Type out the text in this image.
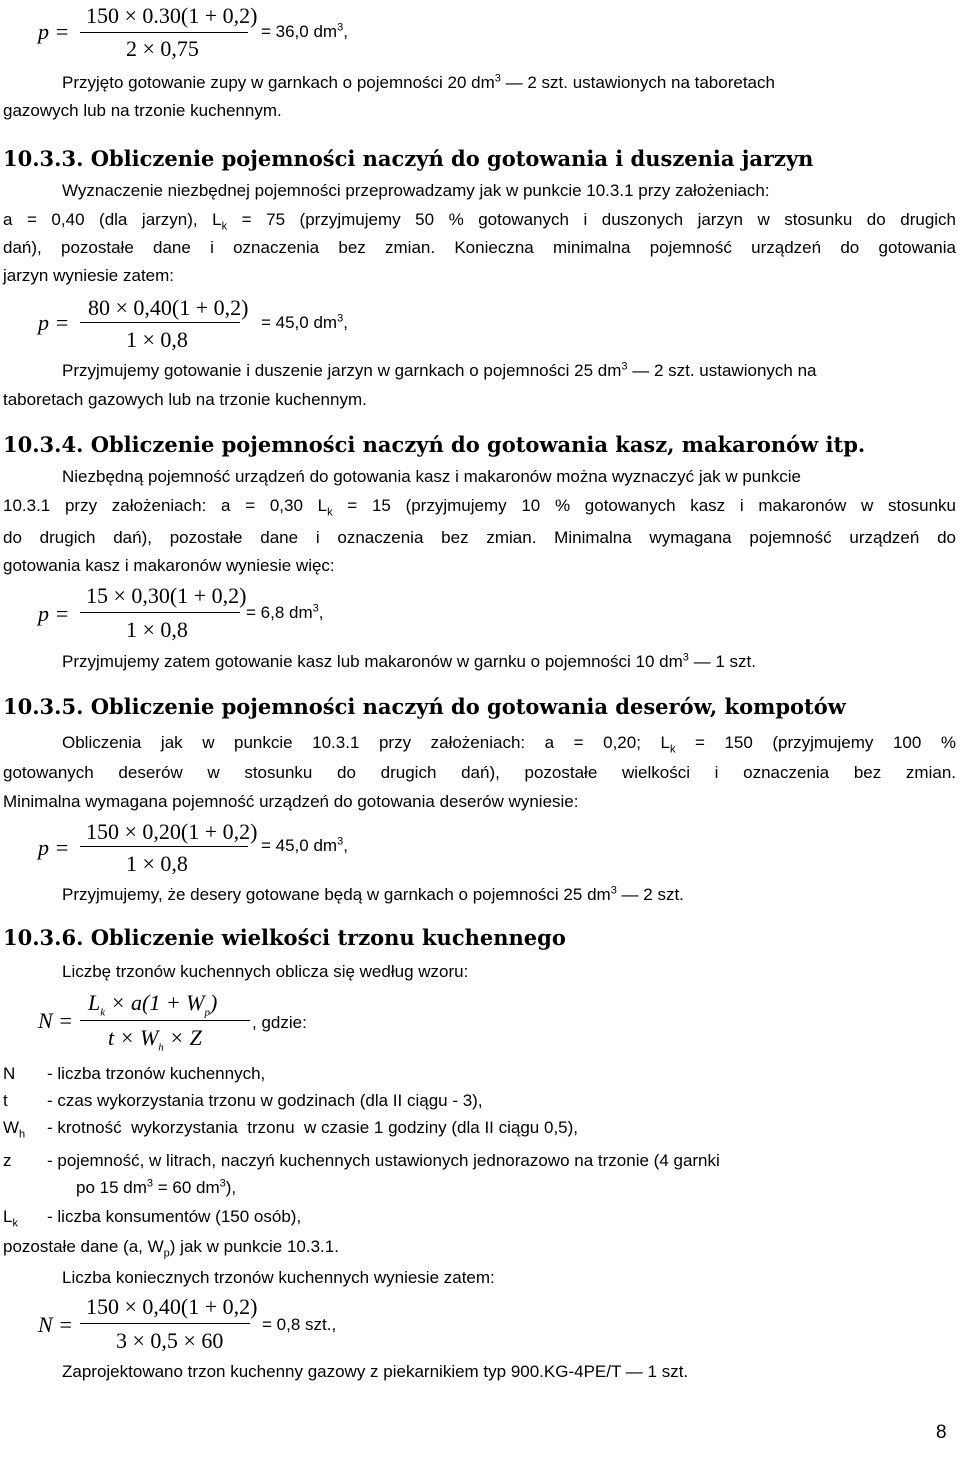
p =
150 × 0.30(1 + 0,2)
2 × 0,75
= 36,0 $dm^3$,
Przyjęto gotowanie zupy w garnkach o pojemności 20 $dm^3$ — 2 szt. ustawionych na taboretach
gazowych lub na trzonie kuchennym.
10.3.3. Obliczenie pojemności naczyń do gotowania i duszenia jarzyn
Wyznaczenie niezbędnej pojemności przeprowadzamy jak w punkcie 10.3.1 przy założeniach:
a = 0,40 (dla jarzyn), $L_k = 75$ (przyjmujemy 50 % gotowanych i duszonych jarzyn w stosunku do drugich
dań), pozostałe dane i oznaczenia bez zmian. Konieczna minimalna pojemność urządzeń do gotowania
jarzyn wyniesie zatem:
p =
80 × 0,40(1 + 0,2)
1 × 0,8
= 45,0 $dm^3$,
Przyjmujemy gotowanie i duszenie jarzyn w garnkach o pojemności 25 $dm^3$ — 2 szt. ustawionych na
taboretach gazowych lub na trzonie kuchennym.
10.3.4. Obliczenie pojemności naczyń do gotowania kasz, makaronów itp.
Niezbędną pojemność urządzeń do gotowania kasz i makaronów można wyznaczyć jak w punkcie
10.3.1 przy założeniach: a = 0,30 $L_k = 15$ (przyjmujemy 10 % gotowanych kasz i makaronów w stosunku
do drugich dań), pozostałe dane i oznaczenia bez zmian. Minimalna wymagana pojemność urządzeń do
gotowania kasz i makaronów wyniesie więc:
p =
15 × 0,30(1 + 0,2)
1 × 0,8
= 6,8 $dm^3$,
Przyjmujemy zatem gotowanie kasz lub makaronów w garnku o pojemności 10 $dm^3$ — 1 szt.
10.3.5. Obliczenie pojemności naczyń do gotowania deserów, kompotów
Obliczenia jak w punkcie 10.3.1 przy założeniach: a = 0,20; $L_k = 150$ (przyjmujemy 100 %
gotowanych deserów w stosunku do drugich dań), pozostałe wielkości i oznaczenia bez zmian.
Minimalna wymagana pojemność urządzeń do gotowania deserów wyniesie:
p =
150 × 0,20(1 + 0,2)
1 × 0,8
= 45,0 $dm^3$,
Przyjmujemy, że desery gotowane będą w garnkach o pojemności 25 $dm^3$ — 2 szt.
10.3.6. Obliczenie wielkości trzonu kuchennego
Liczbę trzonów kuchennych oblicza się według wzoru:
N =
$L_k \times a(1 + W_p)$
$t \times W_h \times Z$
, gdzie:
N - liczba trzonów kuchennych,
t - czas wykorzystania trzonu w godzinach (dla II ciągu - 3),
$W_h$ - krotność  wykorzystania  trzonu  w czasie 1 godziny (dla II ciągu 0,5),
z - pojemność, w litrach, naczyń kuchennych ustawionych jednorazowo na trzonie (4 garnki
po 15 $dm^3 = 60$ $dm^3$),
$L_k$ - liczba konsumentów (150 osób),
pozostałe dane (a, $W_p$) jak w punkcie 10.3.1.
Liczba koniecznych trzonów kuchennych wyniesie zatem:
N =
150 × 0,40(1 + 0,2)
3 × 0,5 × 60
= 0,8 szt.,
Zaprojektowano trzon kuchenny gazowy z piekarnikiem typ 900.KG-4PE/T — 1 szt.
8
